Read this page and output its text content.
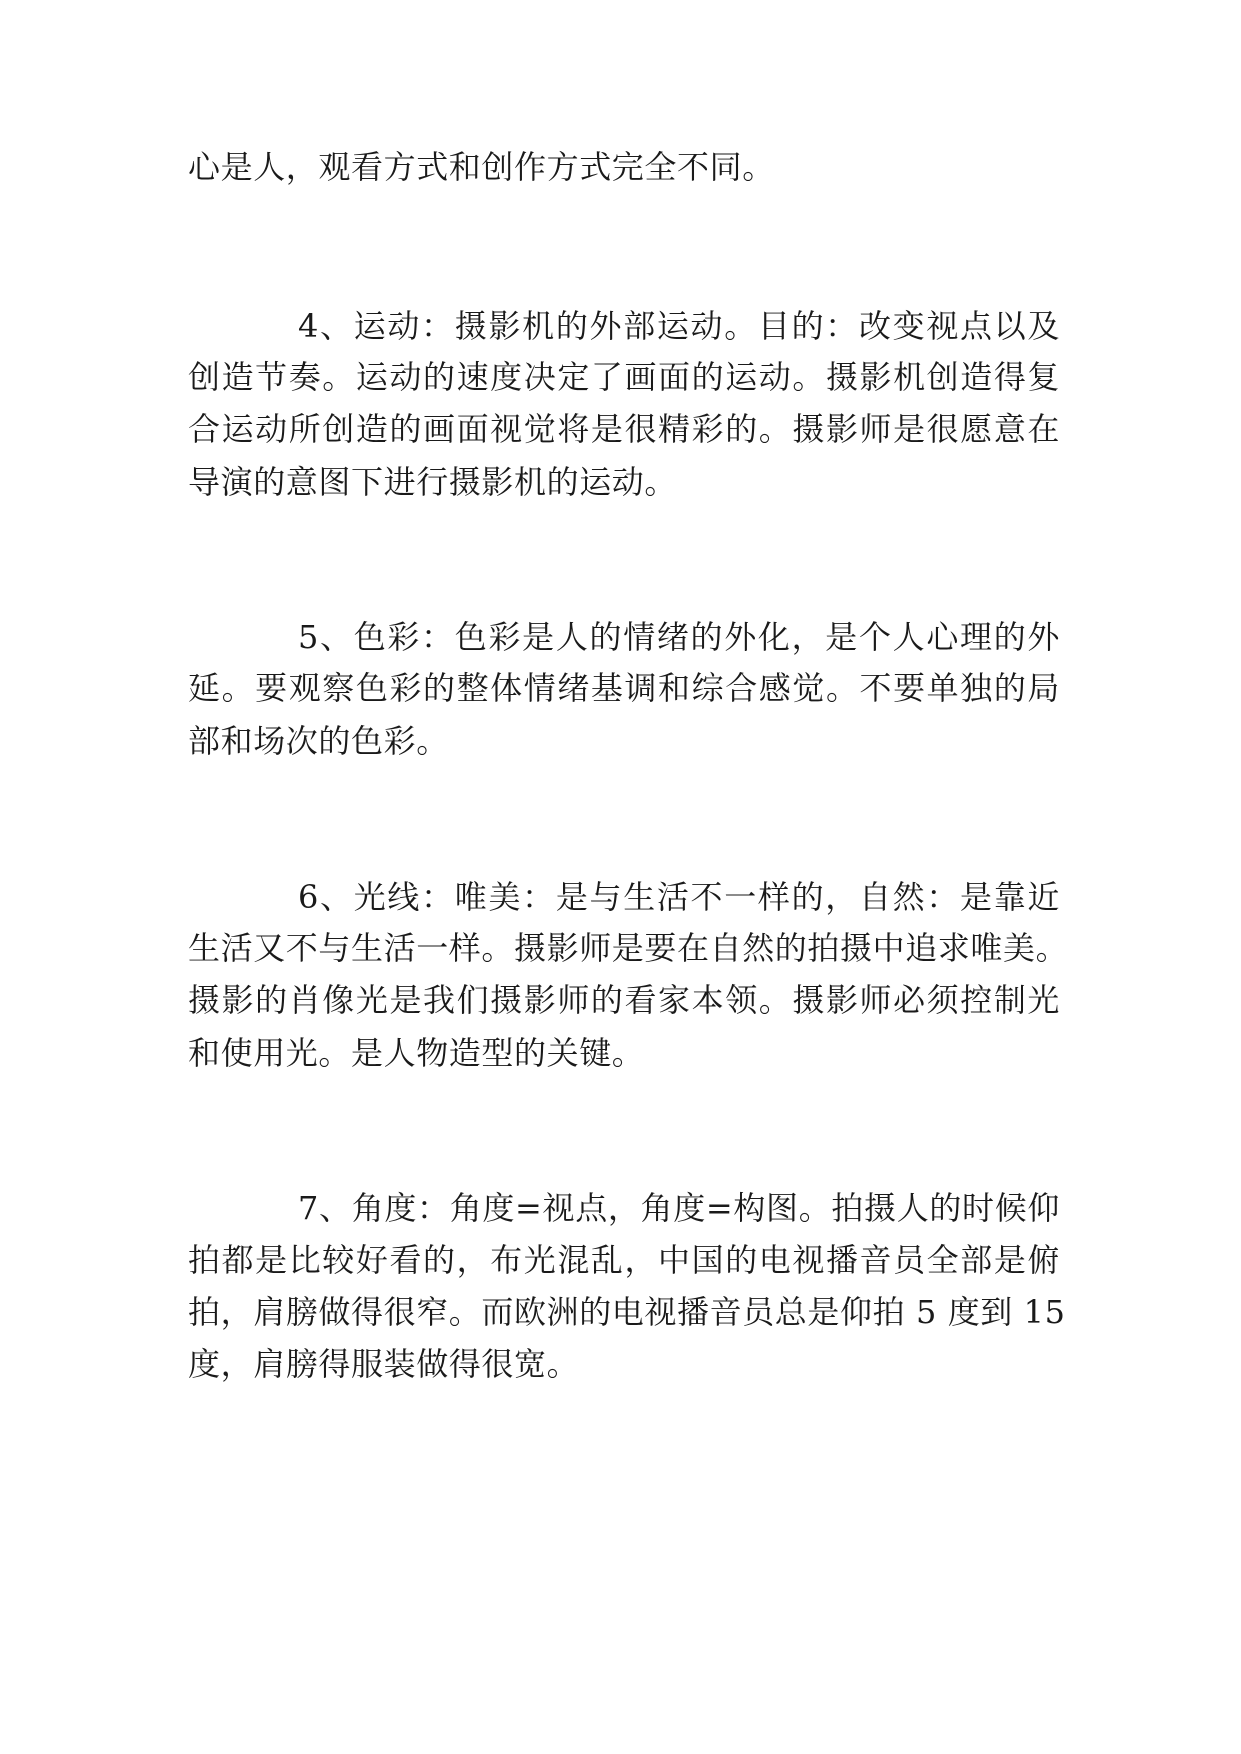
心是人，观看方式和创作方式完全不同。
4、运动：摄影机的外部运动。目的：改变视点以及
创造节奏。运动的速度决定了画面的运动。摄影机创造得复
合运动所创造的画面视觉将是很精彩的。摄影师是很愿意在
导演的意图下进行摄影机的运动。
5、色彩：色彩是人的情绪的外化，是个人心理的外
延。要观察色彩的整体情绪基调和综合感觉。不要单独的局
部和场次的色彩。
6、光线：唯美：是与生活不一样的，自然：是靠近
生活又不与生活一样。摄影师是要在自然的拍摄中追求唯美。
摄影的肖像光是我们摄影师的看家本领。摄影师必须控制光
和使用光。是人物造型的关键。
7、角度：角度=视点，角度=构图。拍摄人的时候仰
拍都是比较好看的，布光混乱，中国的电视播音员全部是俯
拍，肩膀做得很窄。而欧洲的电视播音员总是仰拍 5 度到 15
度，肩膀得服装做得很宽。
